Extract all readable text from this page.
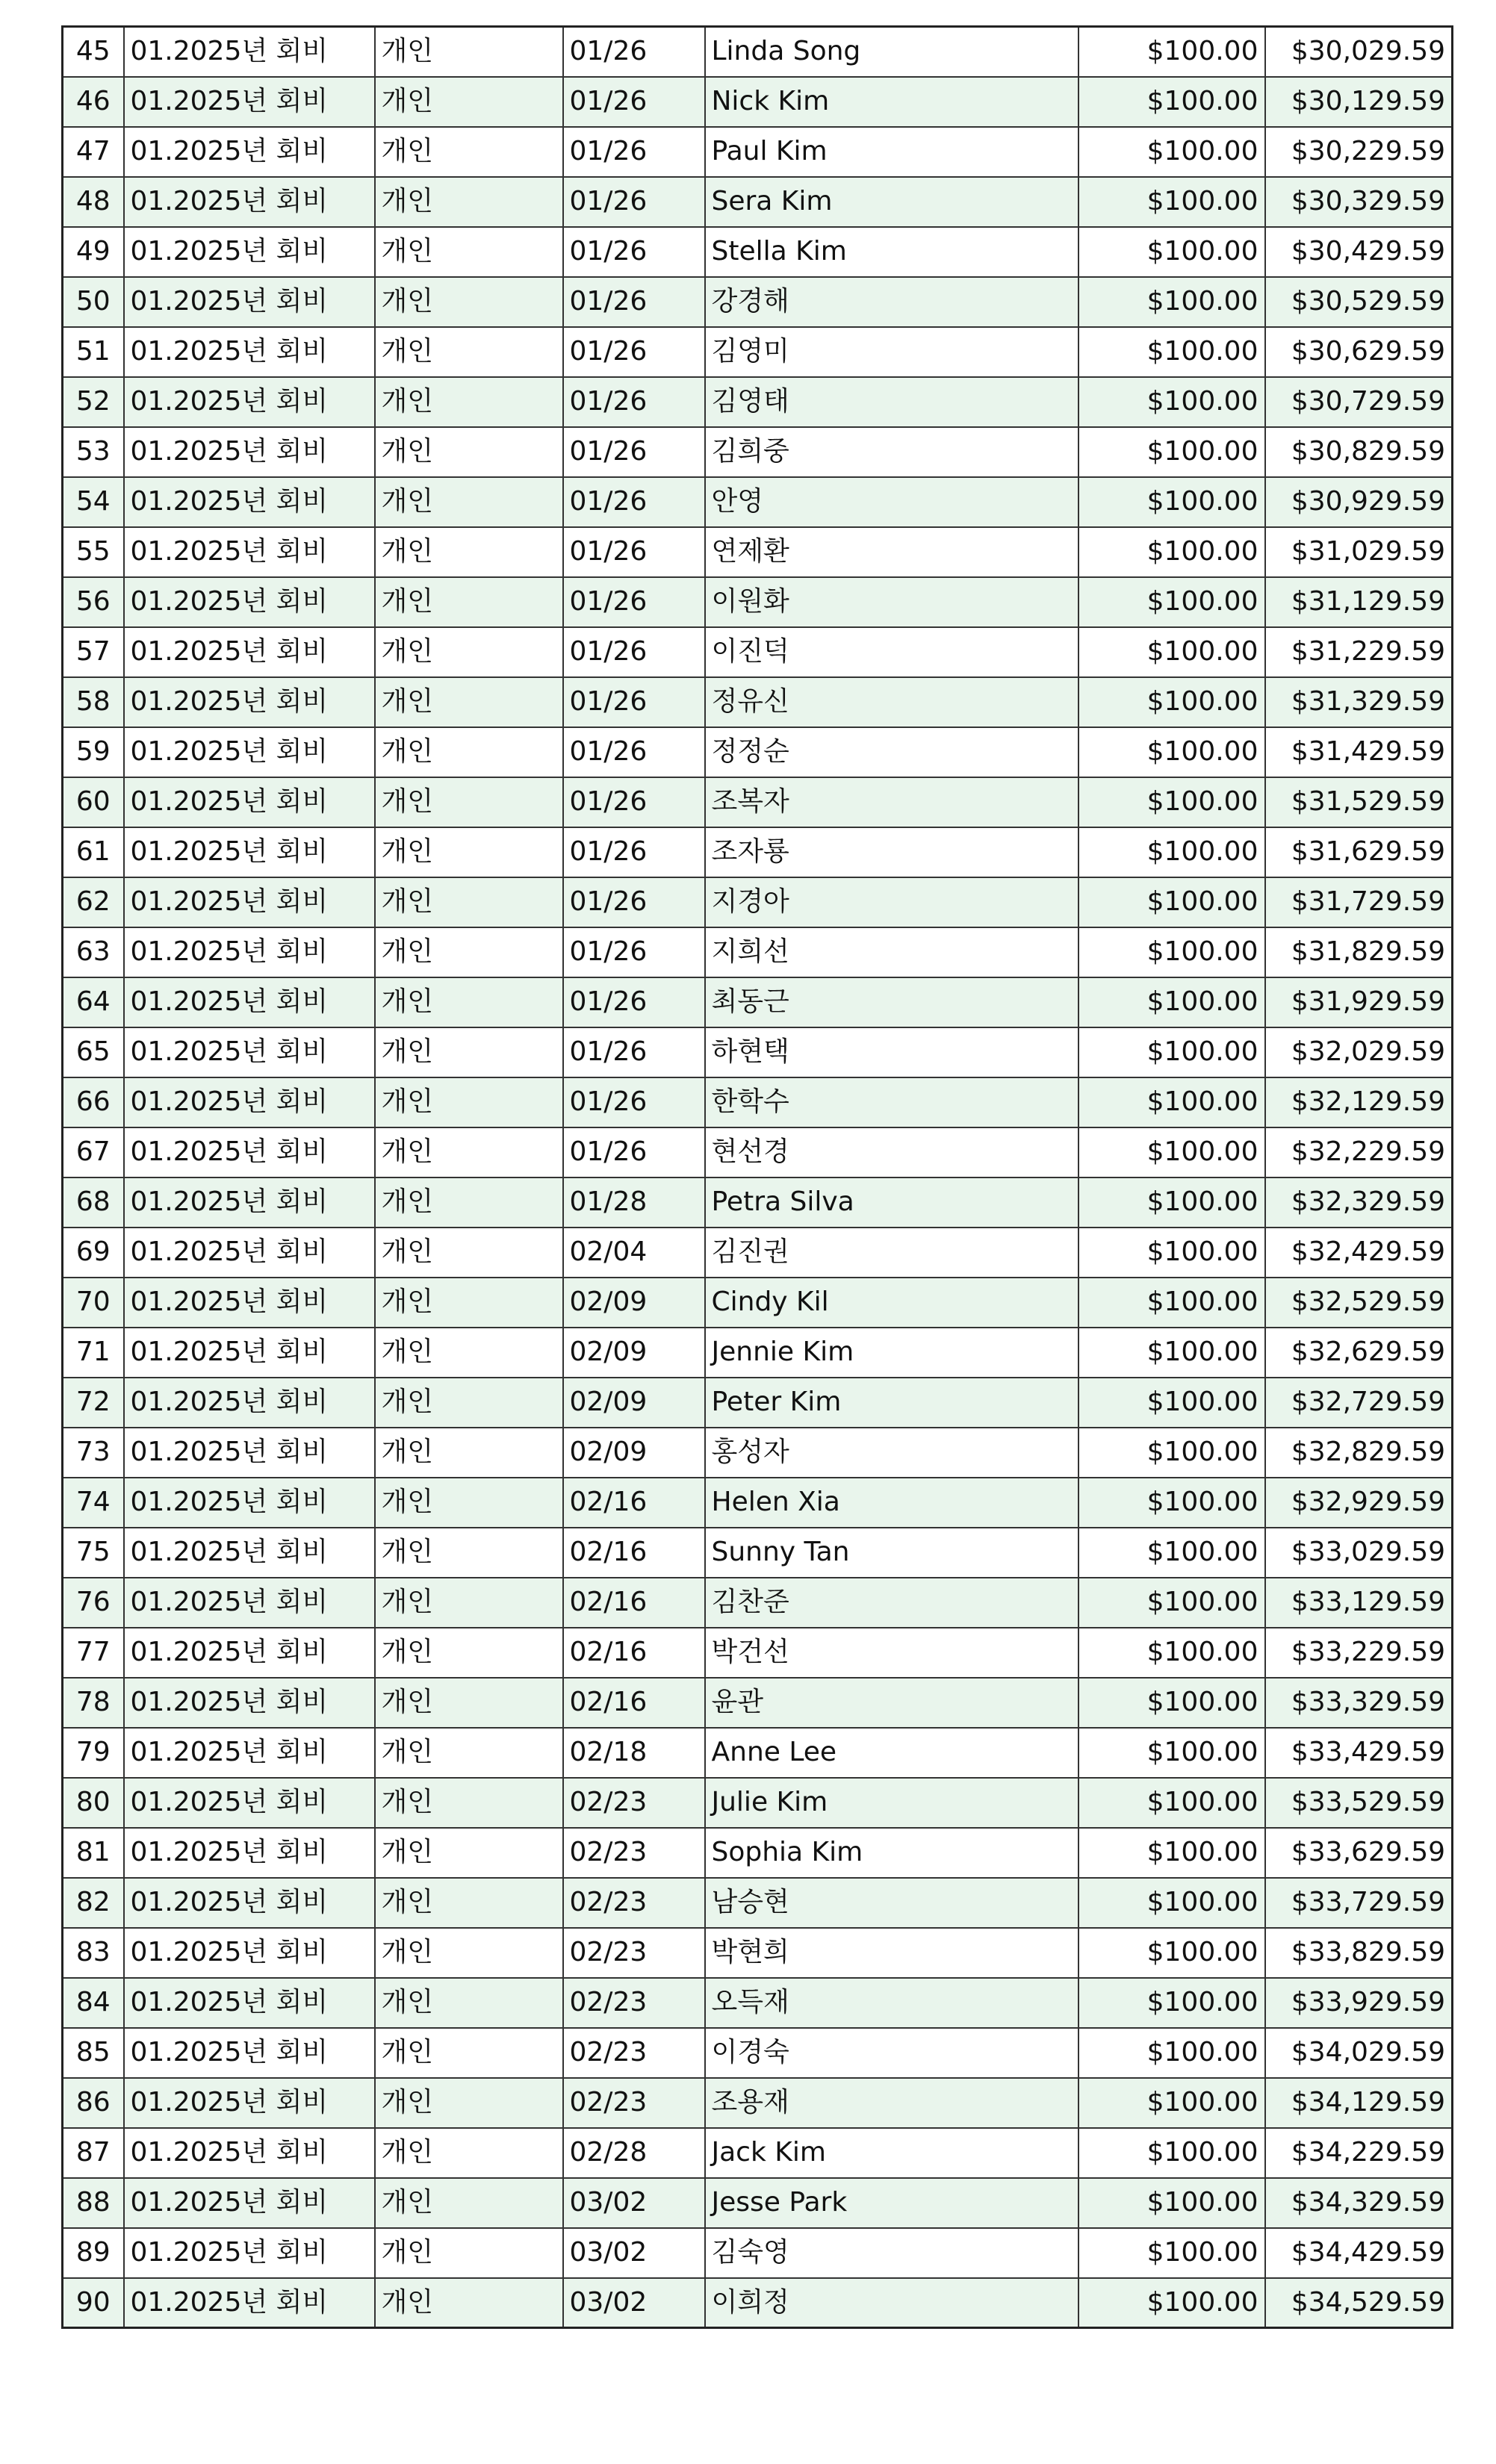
45	01.2025년 회비	개인	01/26	Linda Song	$100.00	$30,029.59
46	01.2025년 회비	개인	01/26	Nick Kim	$100.00	$30,129.59
47	01.2025년 회비	개인	01/26	Paul Kim	$100.00	$30,229.59
48	01.2025년 회비	개인	01/26	Sera Kim	$100.00	$30,329.59
49	01.2025년 회비	개인	01/26	Stella Kim	$100.00	$30,429.59
50	01.2025년 회비	개인	01/26	강경해	$100.00	$30,529.59
51	01.2025년 회비	개인	01/26	김영미	$100.00	$30,629.59
52	01.2025년 회비	개인	01/26	김영태	$100.00	$30,729.59
53	01.2025년 회비	개인	01/26	김희중	$100.00	$30,829.59
54	01.2025년 회비	개인	01/26	안영	$100.00	$30,929.59
55	01.2025년 회비	개인	01/26	연제환	$100.00	$31,029.59
56	01.2025년 회비	개인	01/26	이원화	$100.00	$31,129.59
57	01.2025년 회비	개인	01/26	이진덕	$100.00	$31,229.59
58	01.2025년 회비	개인	01/26	정유신	$100.00	$31,329.59
59	01.2025년 회비	개인	01/26	정정순	$100.00	$31,429.59
60	01.2025년 회비	개인	01/26	조복자	$100.00	$31,529.59
61	01.2025년 회비	개인	01/26	조자룡	$100.00	$31,629.59
62	01.2025년 회비	개인	01/26	지경아	$100.00	$31,729.59
63	01.2025년 회비	개인	01/26	지희선	$100.00	$31,829.59
64	01.2025년 회비	개인	01/26	최동근	$100.00	$31,929.59
65	01.2025년 회비	개인	01/26	하현택	$100.00	$32,029.59
66	01.2025년 회비	개인	01/26	한학수	$100.00	$32,129.59
67	01.2025년 회비	개인	01/26	현선경	$100.00	$32,229.59
68	01.2025년 회비	개인	01/28	Petra Silva	$100.00	$32,329.59
69	01.2025년 회비	개인	02/04	김진권	$100.00	$32,429.59
70	01.2025년 회비	개인	02/09	Cindy Kil	$100.00	$32,529.59
71	01.2025년 회비	개인	02/09	Jennie Kim	$100.00	$32,629.59
72	01.2025년 회비	개인	02/09	Peter Kim	$100.00	$32,729.59
73	01.2025년 회비	개인	02/09	홍성자	$100.00	$32,829.59
74	01.2025년 회비	개인	02/16	Helen Xia	$100.00	$32,929.59
75	01.2025년 회비	개인	02/16	Sunny Tan	$100.00	$33,029.59
76	01.2025년 회비	개인	02/16	김찬준	$100.00	$33,129.59
77	01.2025년 회비	개인	02/16	박건선	$100.00	$33,229.59
78	01.2025년 회비	개인	02/16	윤관	$100.00	$33,329.59
79	01.2025년 회비	개인	02/18	Anne Lee	$100.00	$33,429.59
80	01.2025년 회비	개인	02/23	Julie Kim	$100.00	$33,529.59
81	01.2025년 회비	개인	02/23	Sophia Kim	$100.00	$33,629.59
82	01.2025년 회비	개인	02/23	남승현	$100.00	$33,729.59
83	01.2025년 회비	개인	02/23	박현희	$100.00	$33,829.59
84	01.2025년 회비	개인	02/23	오득재	$100.00	$33,929.59
85	01.2025년 회비	개인	02/23	이경숙	$100.00	$34,029.59
86	01.2025년 회비	개인	02/23	조용재	$100.00	$34,129.59
87	01.2025년 회비	개인	02/28	Jack Kim	$100.00	$34,229.59
88	01.2025년 회비	개인	03/02	Jesse Park	$100.00	$34,329.59
89	01.2025년 회비	개인	03/02	김숙영	$100.00	$34,429.59
90	01.2025년 회비	개인	03/02	이희정	$100.00	$34,529.59
